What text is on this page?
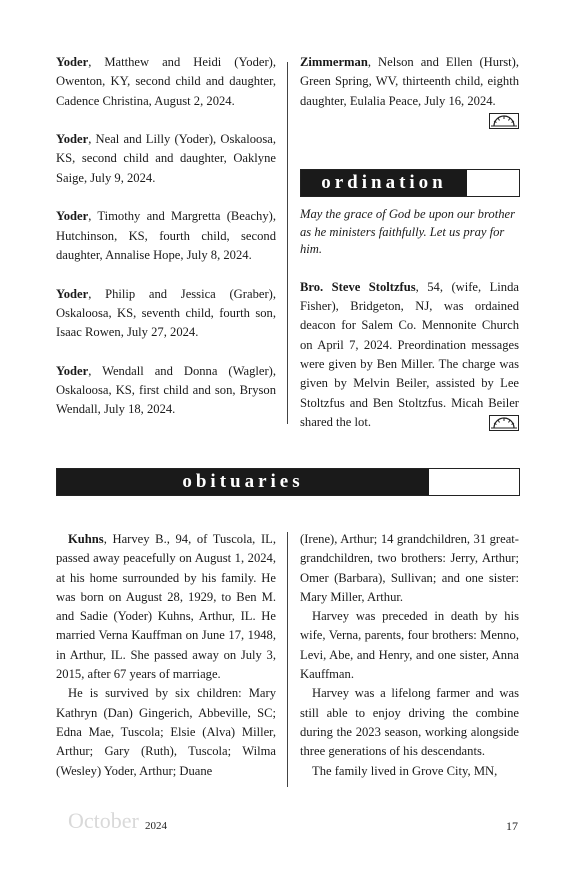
Yoder, Matthew and Heidi (Yoder), Owenton, KY, second child and daughter, Cadence Christina, August 2, 2024.

Yoder, Neal and Lilly (Yoder), Oskaloosa, KS, second child and daughter, Oaklyne Saige, July 9, 2024.

Yoder, Timothy and Margretta (Beachy), Hutchinson, KS, fourth child, second daughter, Annalise Hope, July 8, 2024.

Yoder, Philip and Jessica (Graber), Oskaloosa, KS, seventh child, fourth son, Isaac Rowen, July 27, 2024.

Yoder, Wendall and Donna (Wagler), Oskaloosa, KS, first child and son, Bryson Wendall, July 18, 2024.

Zimmerman, Nelson and Ellen (Hurst), Green Spring, WV, thirteenth child, eighth daughter, Eulalia Peace, July 16, 2024.

ordination

May the grace of God be upon our brother as he ministers faithfully. Let us pray for him.

Bro. Steve Stoltzfus, 54, (wife, Linda Fisher), Bridgeton, NJ, was ordained deacon for Salem Co. Mennonite Church on April 7, 2024. Preordination messages were given by Ben Miller. The charge was given by Melvin Beiler, assisted by Lee Stoltzfus and Ben Stoltzfus. Micah Beiler shared the lot.

obituaries

Kuhns, Harvey B., 94, of Tuscola, IL, passed away peacefully on August 1, 2024, at his home surrounded by his family. He was born on August 28, 1929, to Ben M. and Sadie (Yoder) Kuhns, Arthur, IL. He married Verna Kauffman on June 17, 1948, in Arthur, IL. She passed away on July 3, 2015, after 67 years of marriage.

He is survived by six children: Mary Kathryn (Dan) Gingerich, Abbeville, SC; Edna Mae, Tuscola; Elsie (Alva) Miller, Arthur; Gary (Ruth), Tuscola; Wilma (Wesley) Yoder, Arthur; Duane

(Irene), Arthur; 14 grandchildren, 31 great-grandchildren, two brothers: Jerry, Arthur; Omer (Barbara), Sullivan; and one sister: Mary Miller, Arthur.

Harvey was preceded in death by his wife, Verna, parents, four brothers: Menno, Levi, Abe, and Henry, and one sister, Anna Kauffman.

Harvey was a lifelong farmer and was still able to enjoy driving the combine during the 2023 season, working alongside three generations of his descendants.

The family lived in Grove City, MN,

October 2024	17
